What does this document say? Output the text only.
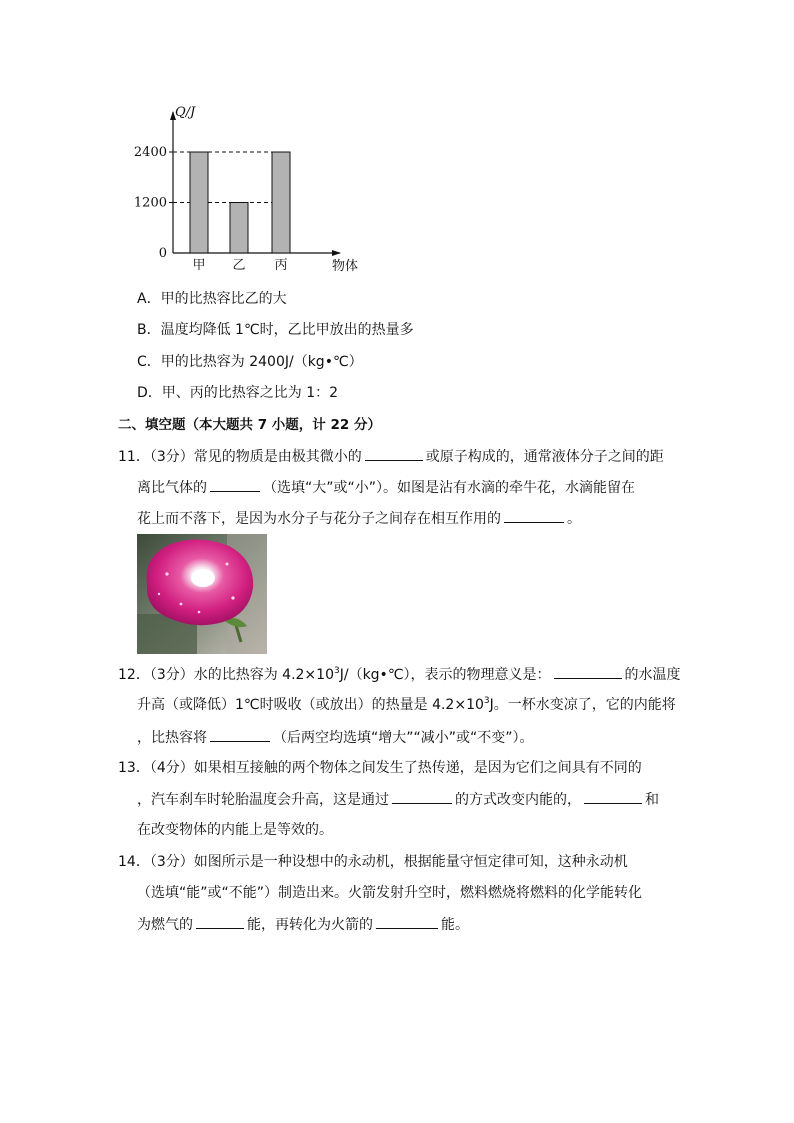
2400
1200
0
甲 乙 丙
Q/J
物体
A．甲的比热容比乙的大
B．温度均降低 1℃时，乙比甲放出的热量多
C．甲的比热容为 2400J/（kg•℃）
D．甲、丙的比热容之比为 1：2
二、填空题（本大题共 7 小题，计 22 分）
11．（3分）常见的物质是由极其微小的	或原子构成的，通常液体分子之间的距
离比气体的	（选填“大”或“小”）。如图是沾有水滴的牵牛花，水滴能留在
花上而不落下，是因为水分子与花分子之间存在相互作用的	。
12．（3分）水的比热容为 $4.2\times 10^3J/(kg•℃)$，表示的物理意义是：	的水温度
升高（或降低）1℃时吸收（或放出）的热量是 $4.2\times 10^3J$。一杯水变凉了，它的内能将
，比热容将	（后两空均选填“增大”“减小”或“不变”）。
13．（4分）如果相互接触的两个物体之间发生了热传递，是因为它们之间具有不同的
，汽车刹车时轮胎温度会升高，这是通过	的方式改变内能的，	和
在改变物体的内能上是等效的。
14．（3分）如图所示是一种设想中的永动机，根据能量守恒定律可知，这种永动机
（选填“能”或“不能”）制造出来。火箭发射升空时，燃料燃烧将燃料的化学能转化
为燃气的	能，再转化为火箭的	能。
